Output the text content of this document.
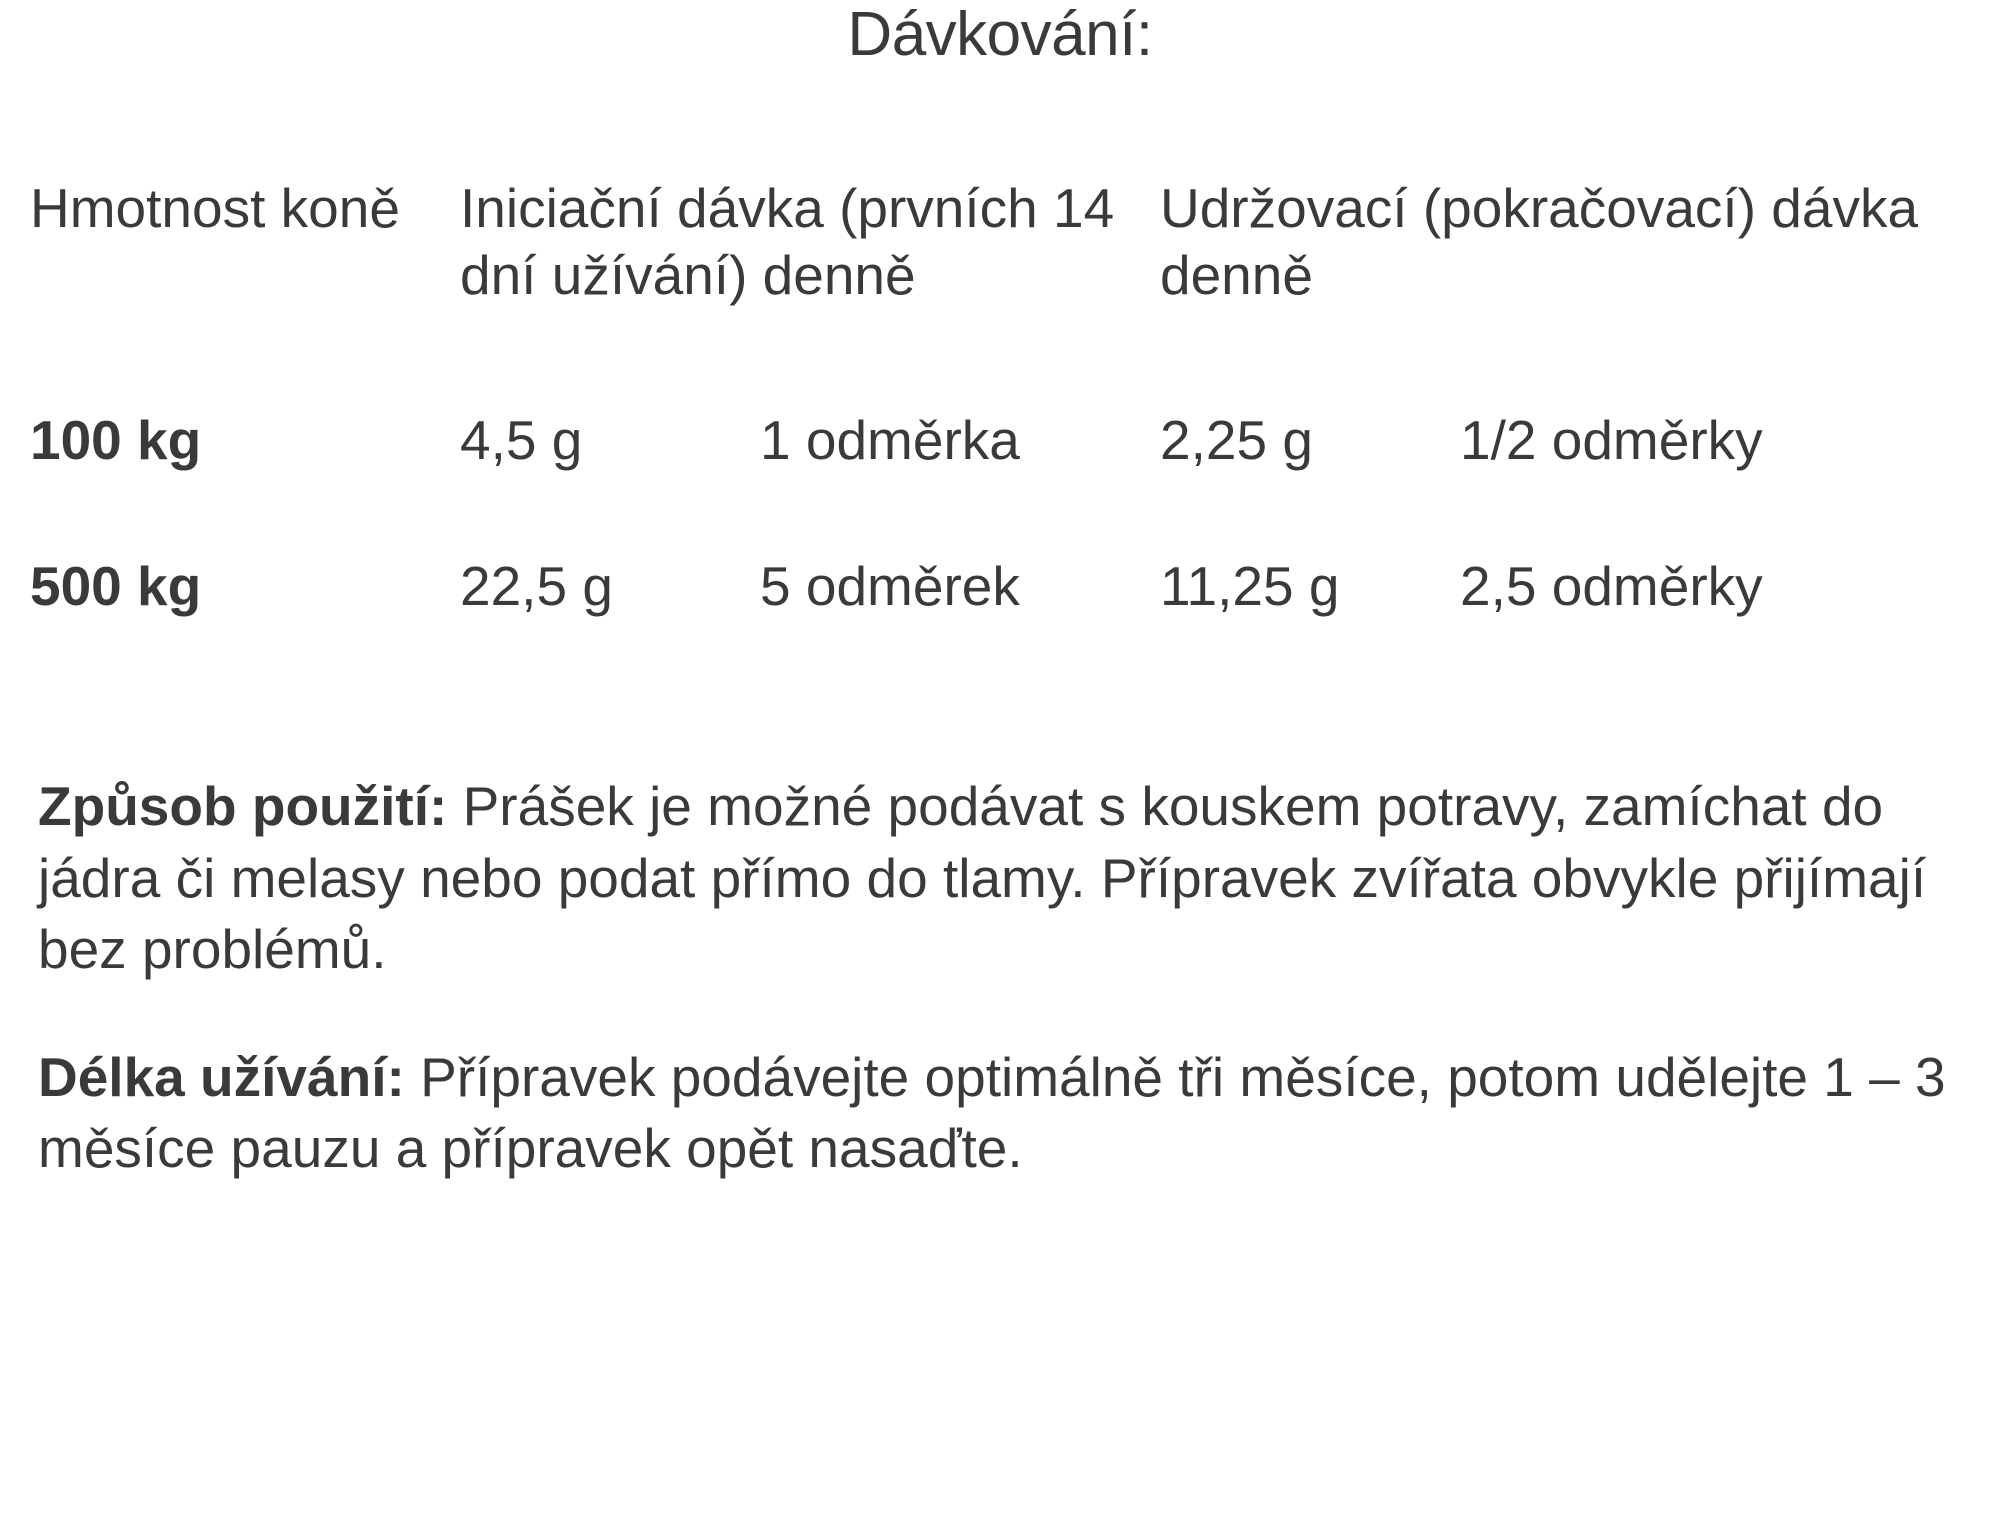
Dávkování:
Hmotnost koně	Iniciační dávka (prvních 14 dní užívání) denně		Udržovací (pokračovací) dávka denně	
100 kg	4,5 g	1 odměrka	2,25 g	1/2 odměrky
500 kg	22,5 g	5 odměrek	11,25 g	2,5 odměrky

Způsob použití: Prášek je možné podávat s kouskem potravy, zamíchat do jádra či melasy nebo podat přímo do tlamy. Přípravek zvířata obvykle přijímají bez problémů.

Délka užívání: Přípravek podávejte optimálně tři měsíce, potom udělejte 1 – 3 měsíce pauzu a přípravek opět nasaďte.
